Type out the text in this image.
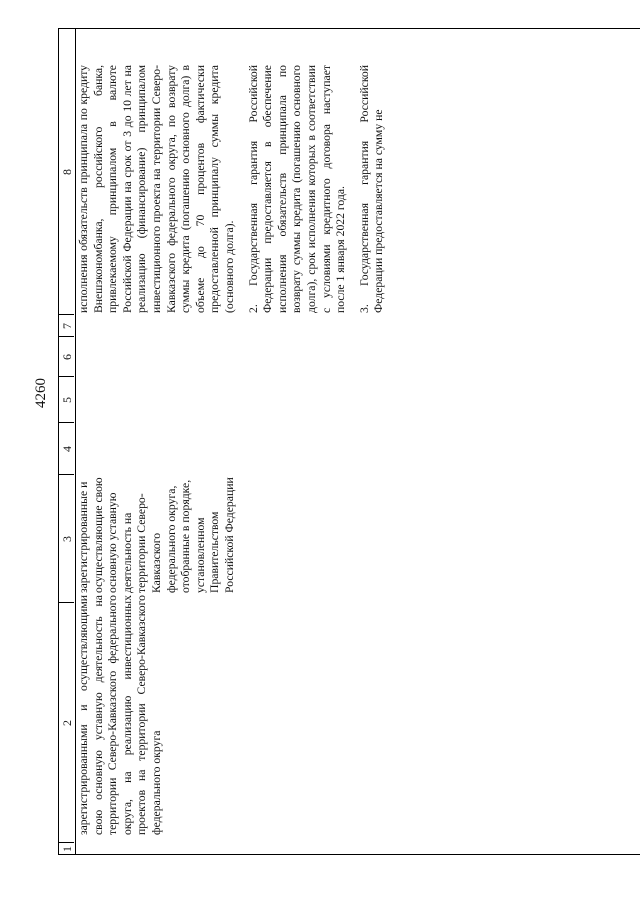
4260
1
2
3
4
5
6
7
8
зарегистрированными и осуществляющими свою основную уставную деятельность на территории Северо-Кавказского федерального округа, на реализацию инвестиционных проектов на территории Северо-Кавказского федерального округа
зарегистрированные и осуществляющие свою основную уставную деятельность на территории Северо-Кавказского федерального округа, отобранные в порядке, установленном Правительством Российской Федерации

исполнения обязательств принципала по кредиту Внешэкономбанка, российского банка, привлекаемому принципалом в валюте Российской Федерации на срок от 3 до 10 лет на реализацию (финансирование) принципалом инвестиционного проекта на территории Северо-Кавказского федерального округа, по возврату суммы кредита (погашению основного долга) в объеме до 70 процентов фактически предоставленной принципалу суммы кредита (основного долга). 2. Государственная гарантия Российской Федерации предоставляется в обеспечение исполнения обязательств принципала по возврату суммы кредита (погашению основного долга), срок исполнения которых в соответствии с условиями кредитного договора наступает после 1 января 2022 года. 3. Государственная гарантия Российской Федерации предоставляется на сумму не
